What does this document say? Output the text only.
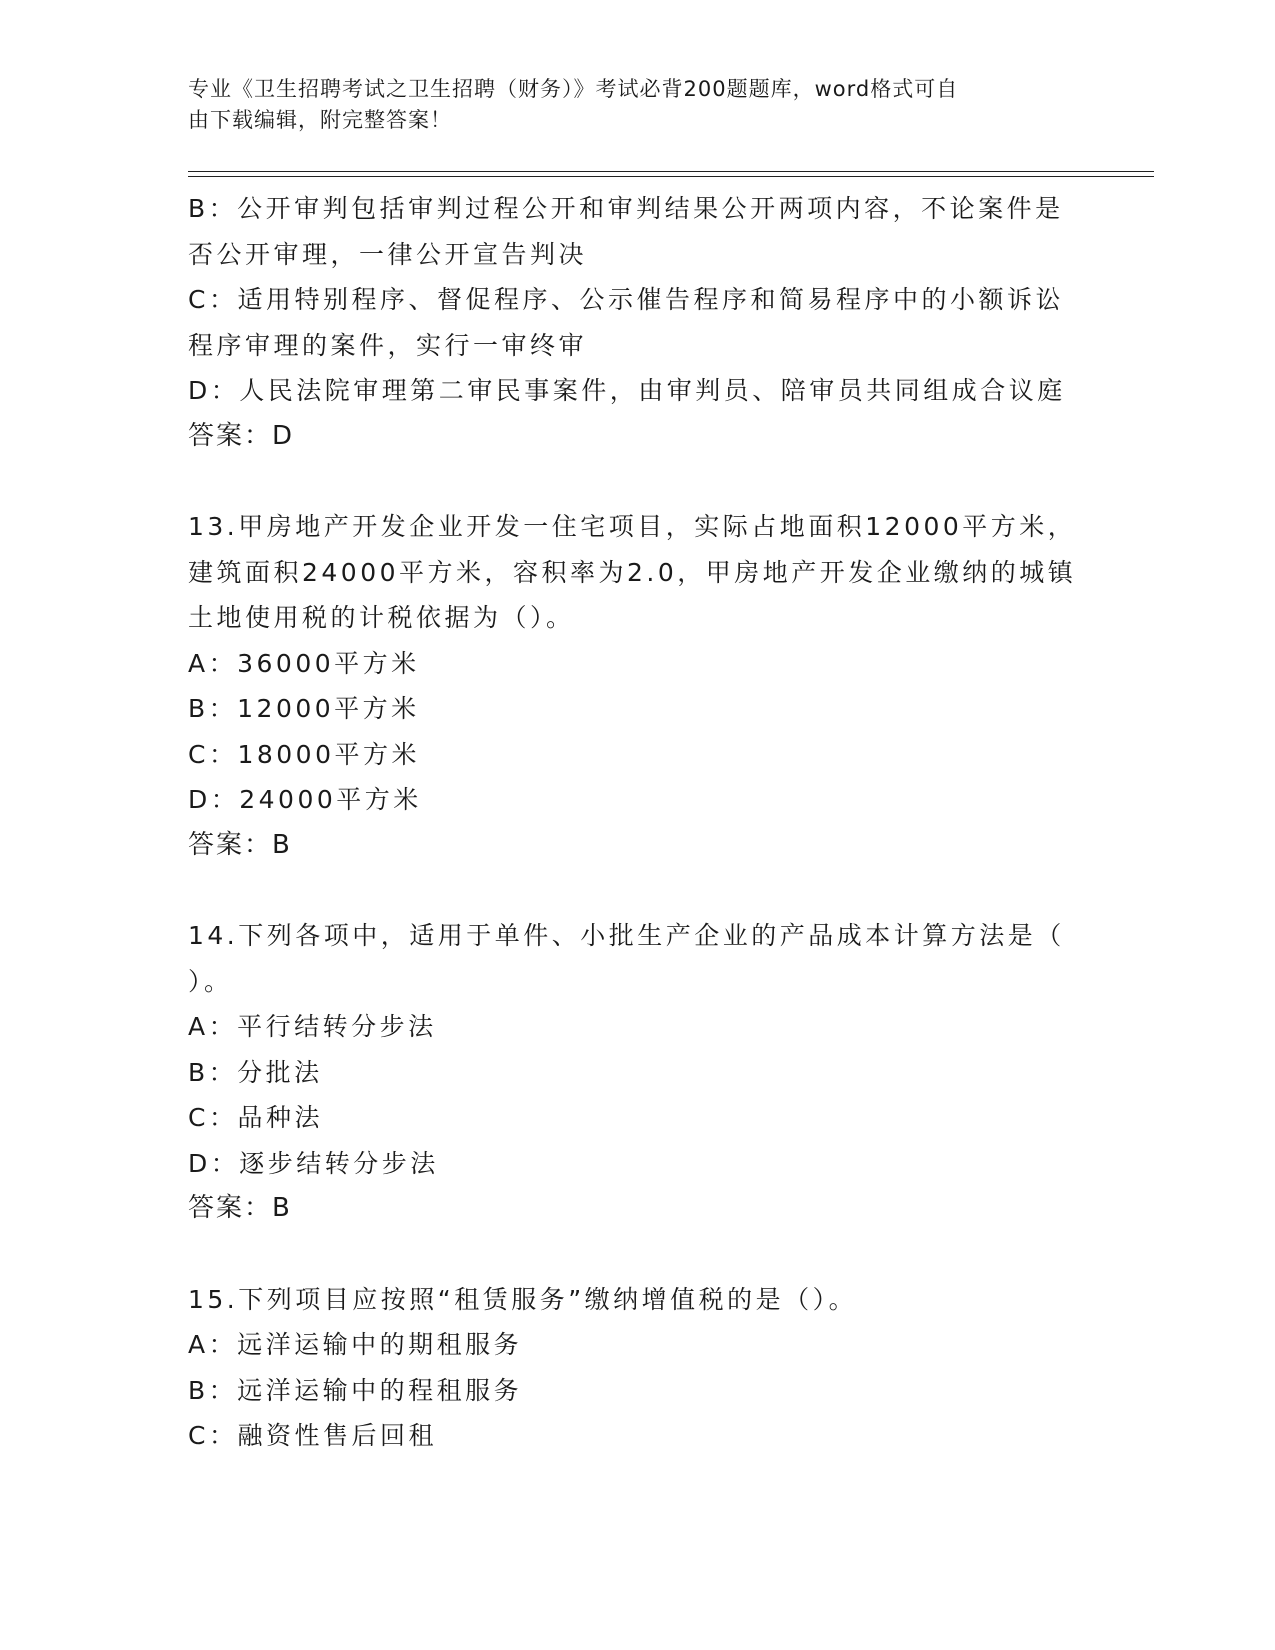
专业《卫生招聘考试之卫生招聘（财务）》考试必背200题题库，word格式可自
由下载编辑，附完整答案！
B：公开审判包括审判过程公开和审判结果公开两项内容，不论案件是
否公开审理，一律公开宣告判决
C：适用特别程序、督促程序、公示催告程序和简易程序中的小额诉讼
程序审理的案件，实行一审终审
D：人民法院审理第二审民事案件，由审判员、陪审员共同组成合议庭
答案：D
13.甲房地产开发企业开发一住宅项目，实际占地面积12000平方米，
建筑面积24000平方米，容积率为2.0，甲房地产开发企业缴纳的城镇
土地使用税的计税依据为（）。
A：36000平方米
B：12000平方米
C：18000平方米
D：24000平方米
答案：B
14.下列各项中，适用于单件、小批生产企业的产品成本计算方法是（
）。
A：平行结转分步法
B：分批法
C：品种法
D：逐步结转分步法
答案：B
15.下列项目应按照“租赁服务”缴纳增值税的是（）。
A：远洋运输中的期租服务
B：远洋运输中的程租服务
C：融资性售后回租
